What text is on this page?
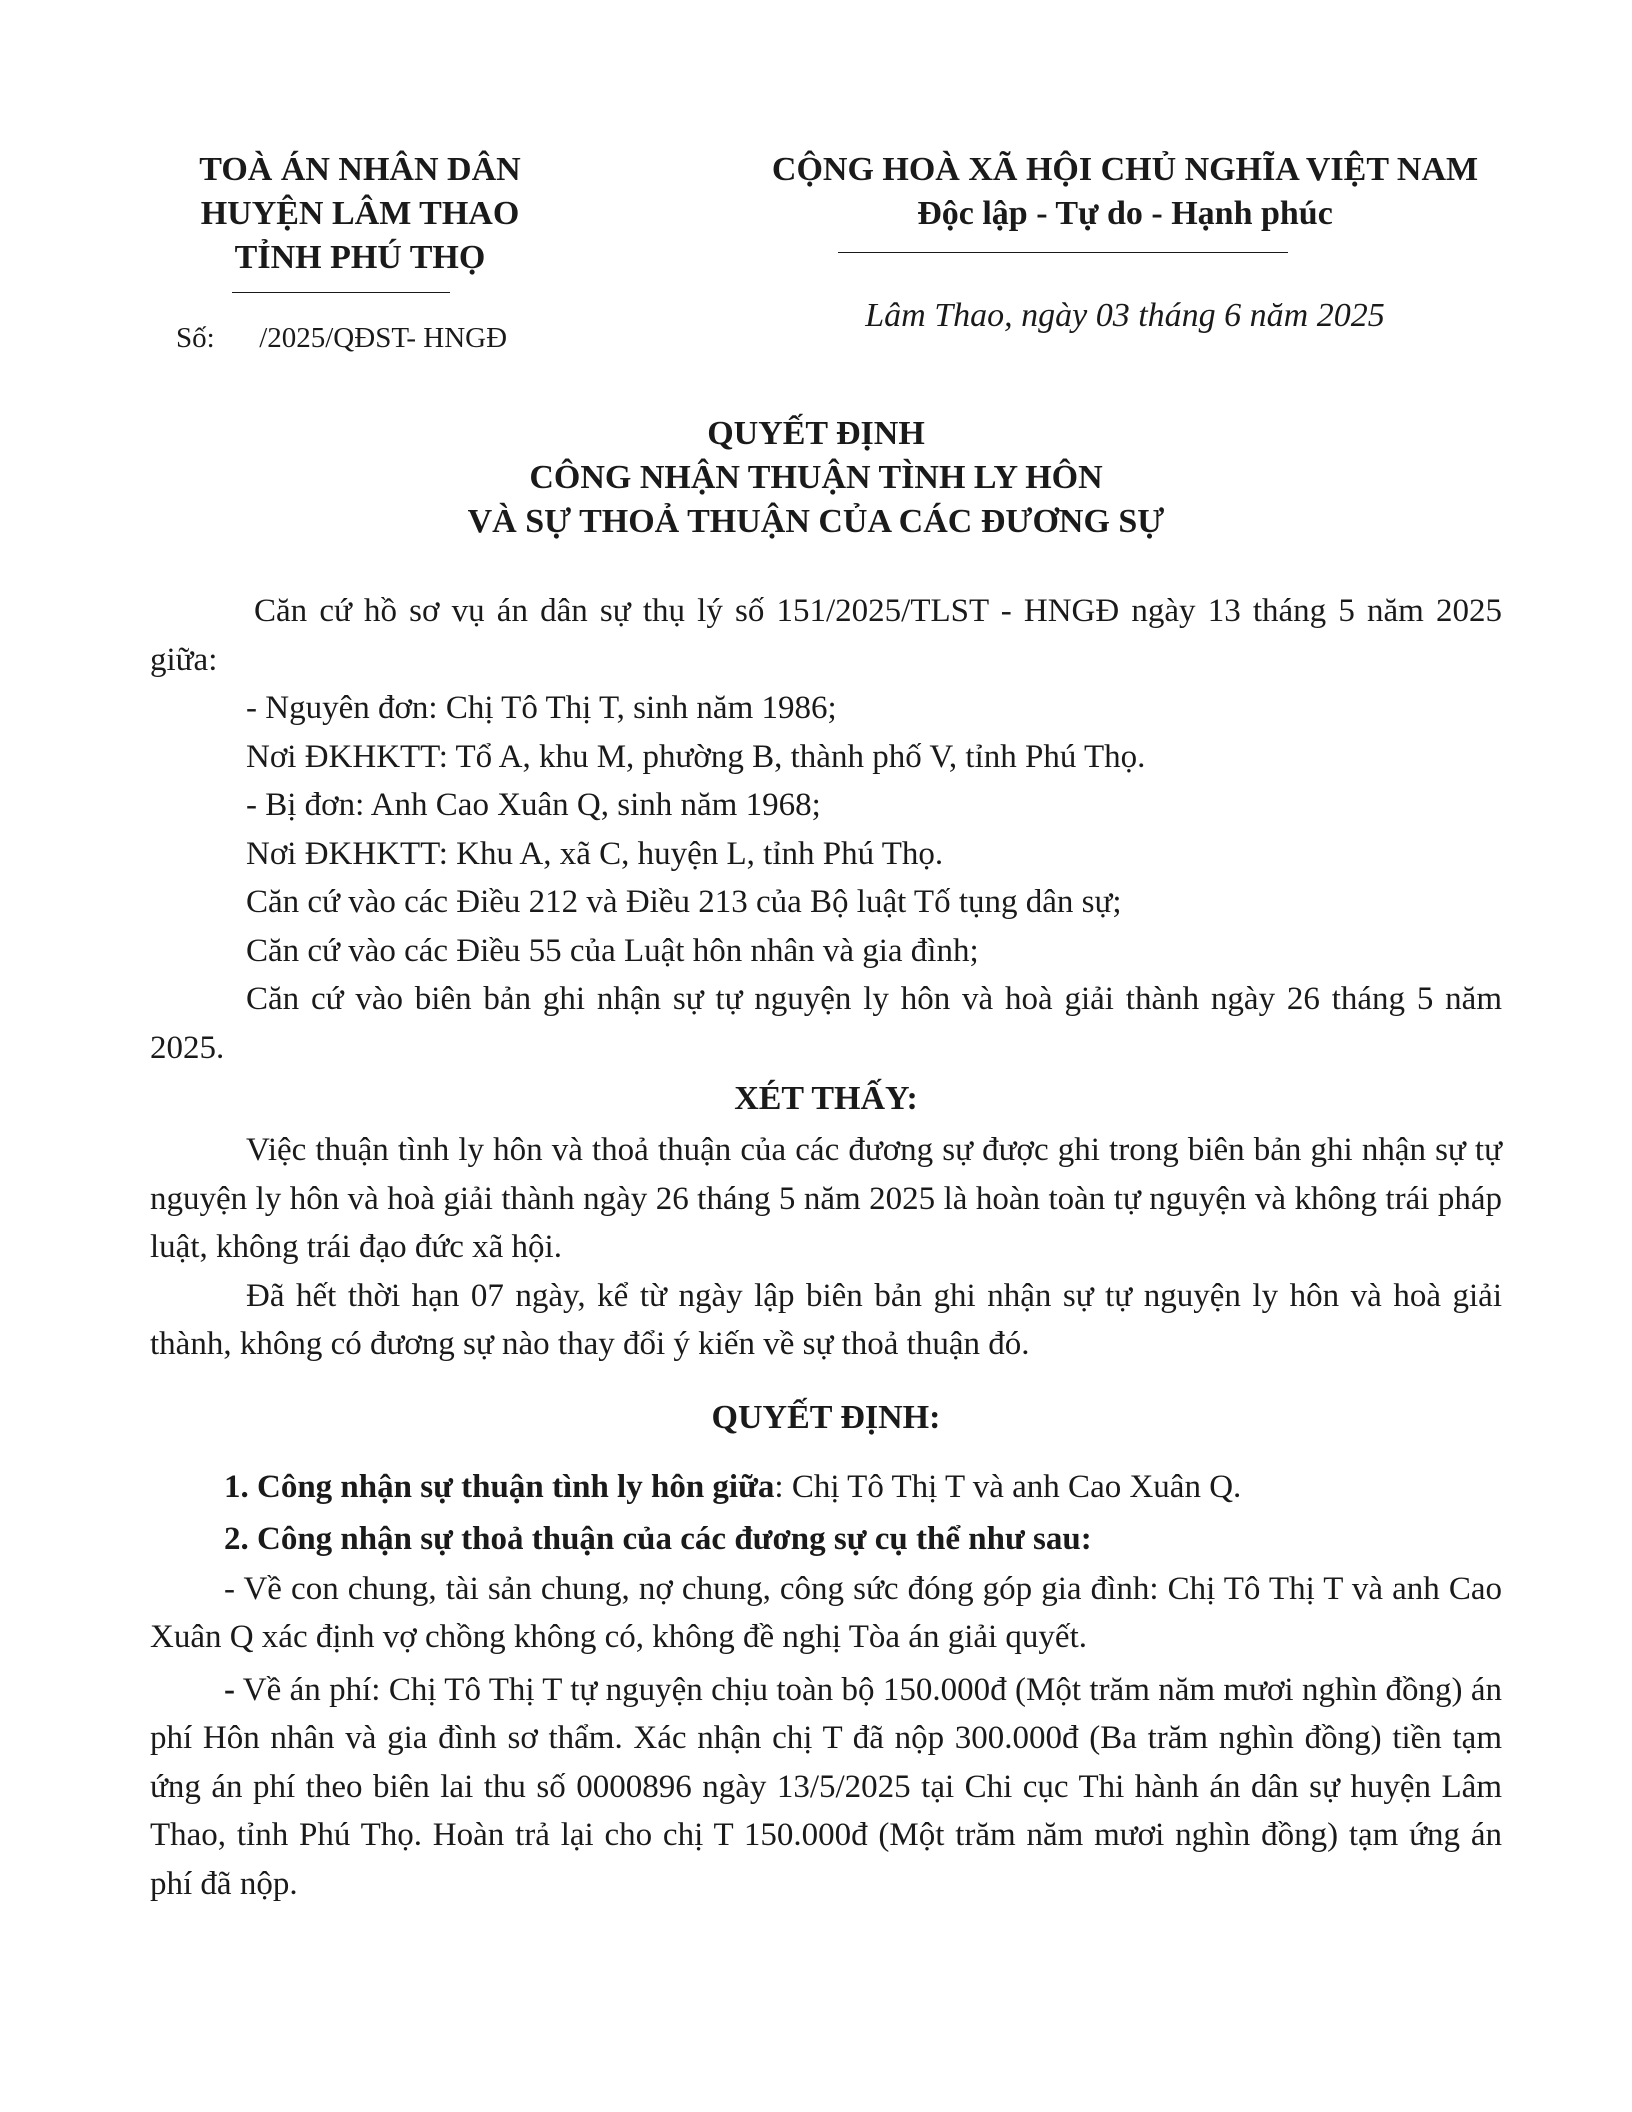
TOÀ ÁN NHÂN DÂN
HUYỆN LÂM THAO
TỈNH PHÚ THỌ
Số: /2025/QĐST- HNGĐ
CỘNG HOÀ XÃ HỘI CHỦ NGHĨA VIỆT NAM
Độc lập - Tự do - Hạnh phúc
Lâm Thao, ngày 03 tháng 6 năm 2025
QUYẾT ĐỊNH
CÔNG NHẬN THUẬN TÌNH LY HÔN
VÀ SỰ THOẢ THUẬN CỦA CÁC ĐƯƠNG SỰ

Căn cứ hồ sơ vụ án dân sự thụ lý số 151/2025/TLST - HNGĐ ngày 13 tháng 5 năm 2025 giữa:

- Nguyên đơn: Chị Tô Thị T, sinh năm 1986;

Nơi ĐKHKTT: Tổ A, khu M, phường B, thành phố V, tỉnh Phú Thọ.

- Bị đơn: Anh Cao Xuân Q, sinh năm 1968;

Nơi ĐKHKTT: Khu A, xã C, huyện L, tỉnh Phú Thọ.

Căn cứ vào các Điều 212 và Điều 213 của Bộ luật Tố tụng dân sự;

Căn cứ vào các Điều 55 của Luật hôn nhân và gia đình;

Căn cứ vào biên bản ghi nhận sự tự nguyện ly hôn và hoà giải thành ngày 26 tháng 5 năm 2025.

XÉT THẤY:

Việc thuận tình ly hôn và thoả thuận của các đương sự được ghi trong biên bản ghi nhận sự tự nguyện ly hôn và hoà giải thành ngày 26 tháng 5 năm 2025 là hoàn toàn tự nguyện và không trái pháp luật, không trái đạo đức xã hội.

Đã hết thời hạn 07 ngày, kể từ ngày lập biên bản ghi nhận sự tự nguyện ly hôn và hoà giải thành, không có đương sự nào thay đổi ý kiến về sự thoả thuận đó.

QUYẾT ĐỊNH:

1. Công nhận sự thuận tình ly hôn giữa: Chị Tô Thị T và anh Cao Xuân Q.

2. Công nhận sự thoả thuận của các đương sự cụ thể như sau:

- Về con chung, tài sản chung, nợ chung, công sức đóng góp gia đình: Chị Tô Thị T và anh Cao Xuân Q xác định vợ chồng không có, không đề nghị Tòa án giải quyết.

- Về án phí: Chị Tô Thị T tự nguyện chịu toàn bộ 150.000đ (Một trăm năm mươi nghìn đồng) án phí Hôn nhân và gia đình sơ thẩm. Xác nhận chị T đã nộp 300.000đ (Ba trăm nghìn đồng) tiền tạm ứng án phí theo biên lai thu số 0000896 ngày 13/5/2025 tại Chi cục Thi hành án dân sự huyện Lâm Thao, tỉnh Phú Thọ. Hoàn trả lại cho chị T 150.000đ (Một trăm năm mươi nghìn đồng) tạm ứng án phí đã nộp.
